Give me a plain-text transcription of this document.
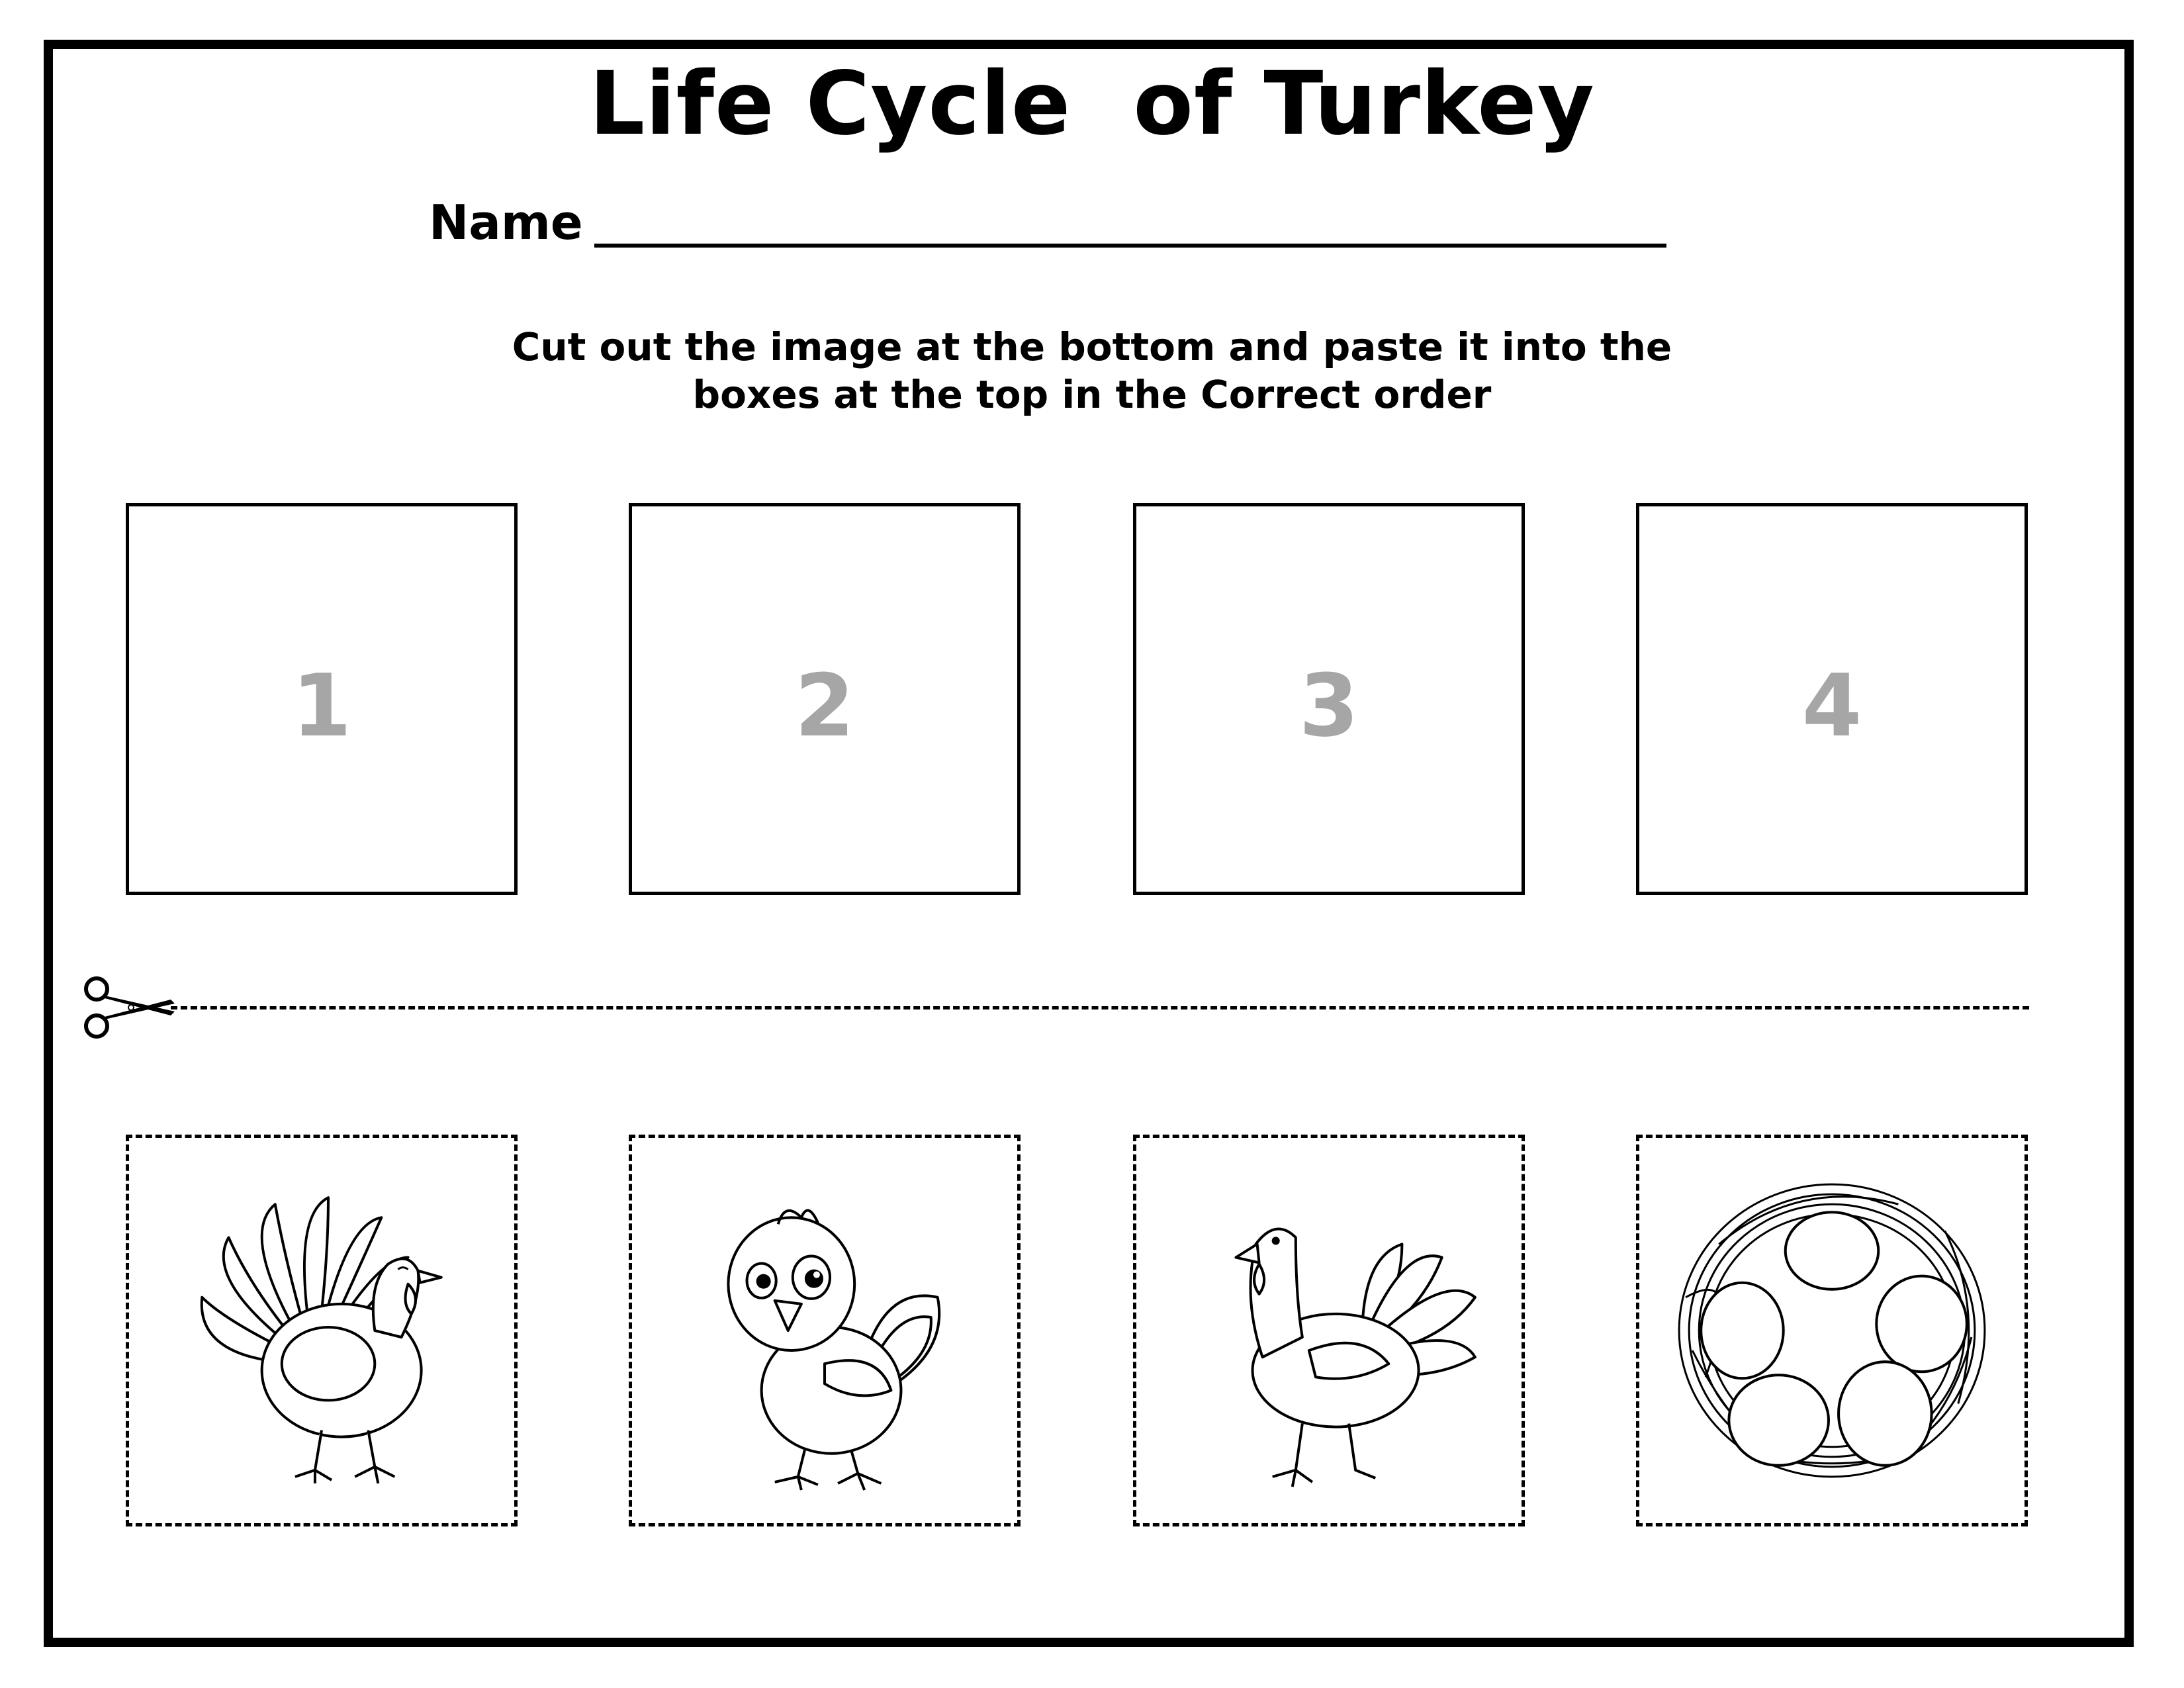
Life Cycle  of Turkey
Name
Cut out the image at the bottom and paste it into the
boxes at the top in the Correct order
1	2	3	4
